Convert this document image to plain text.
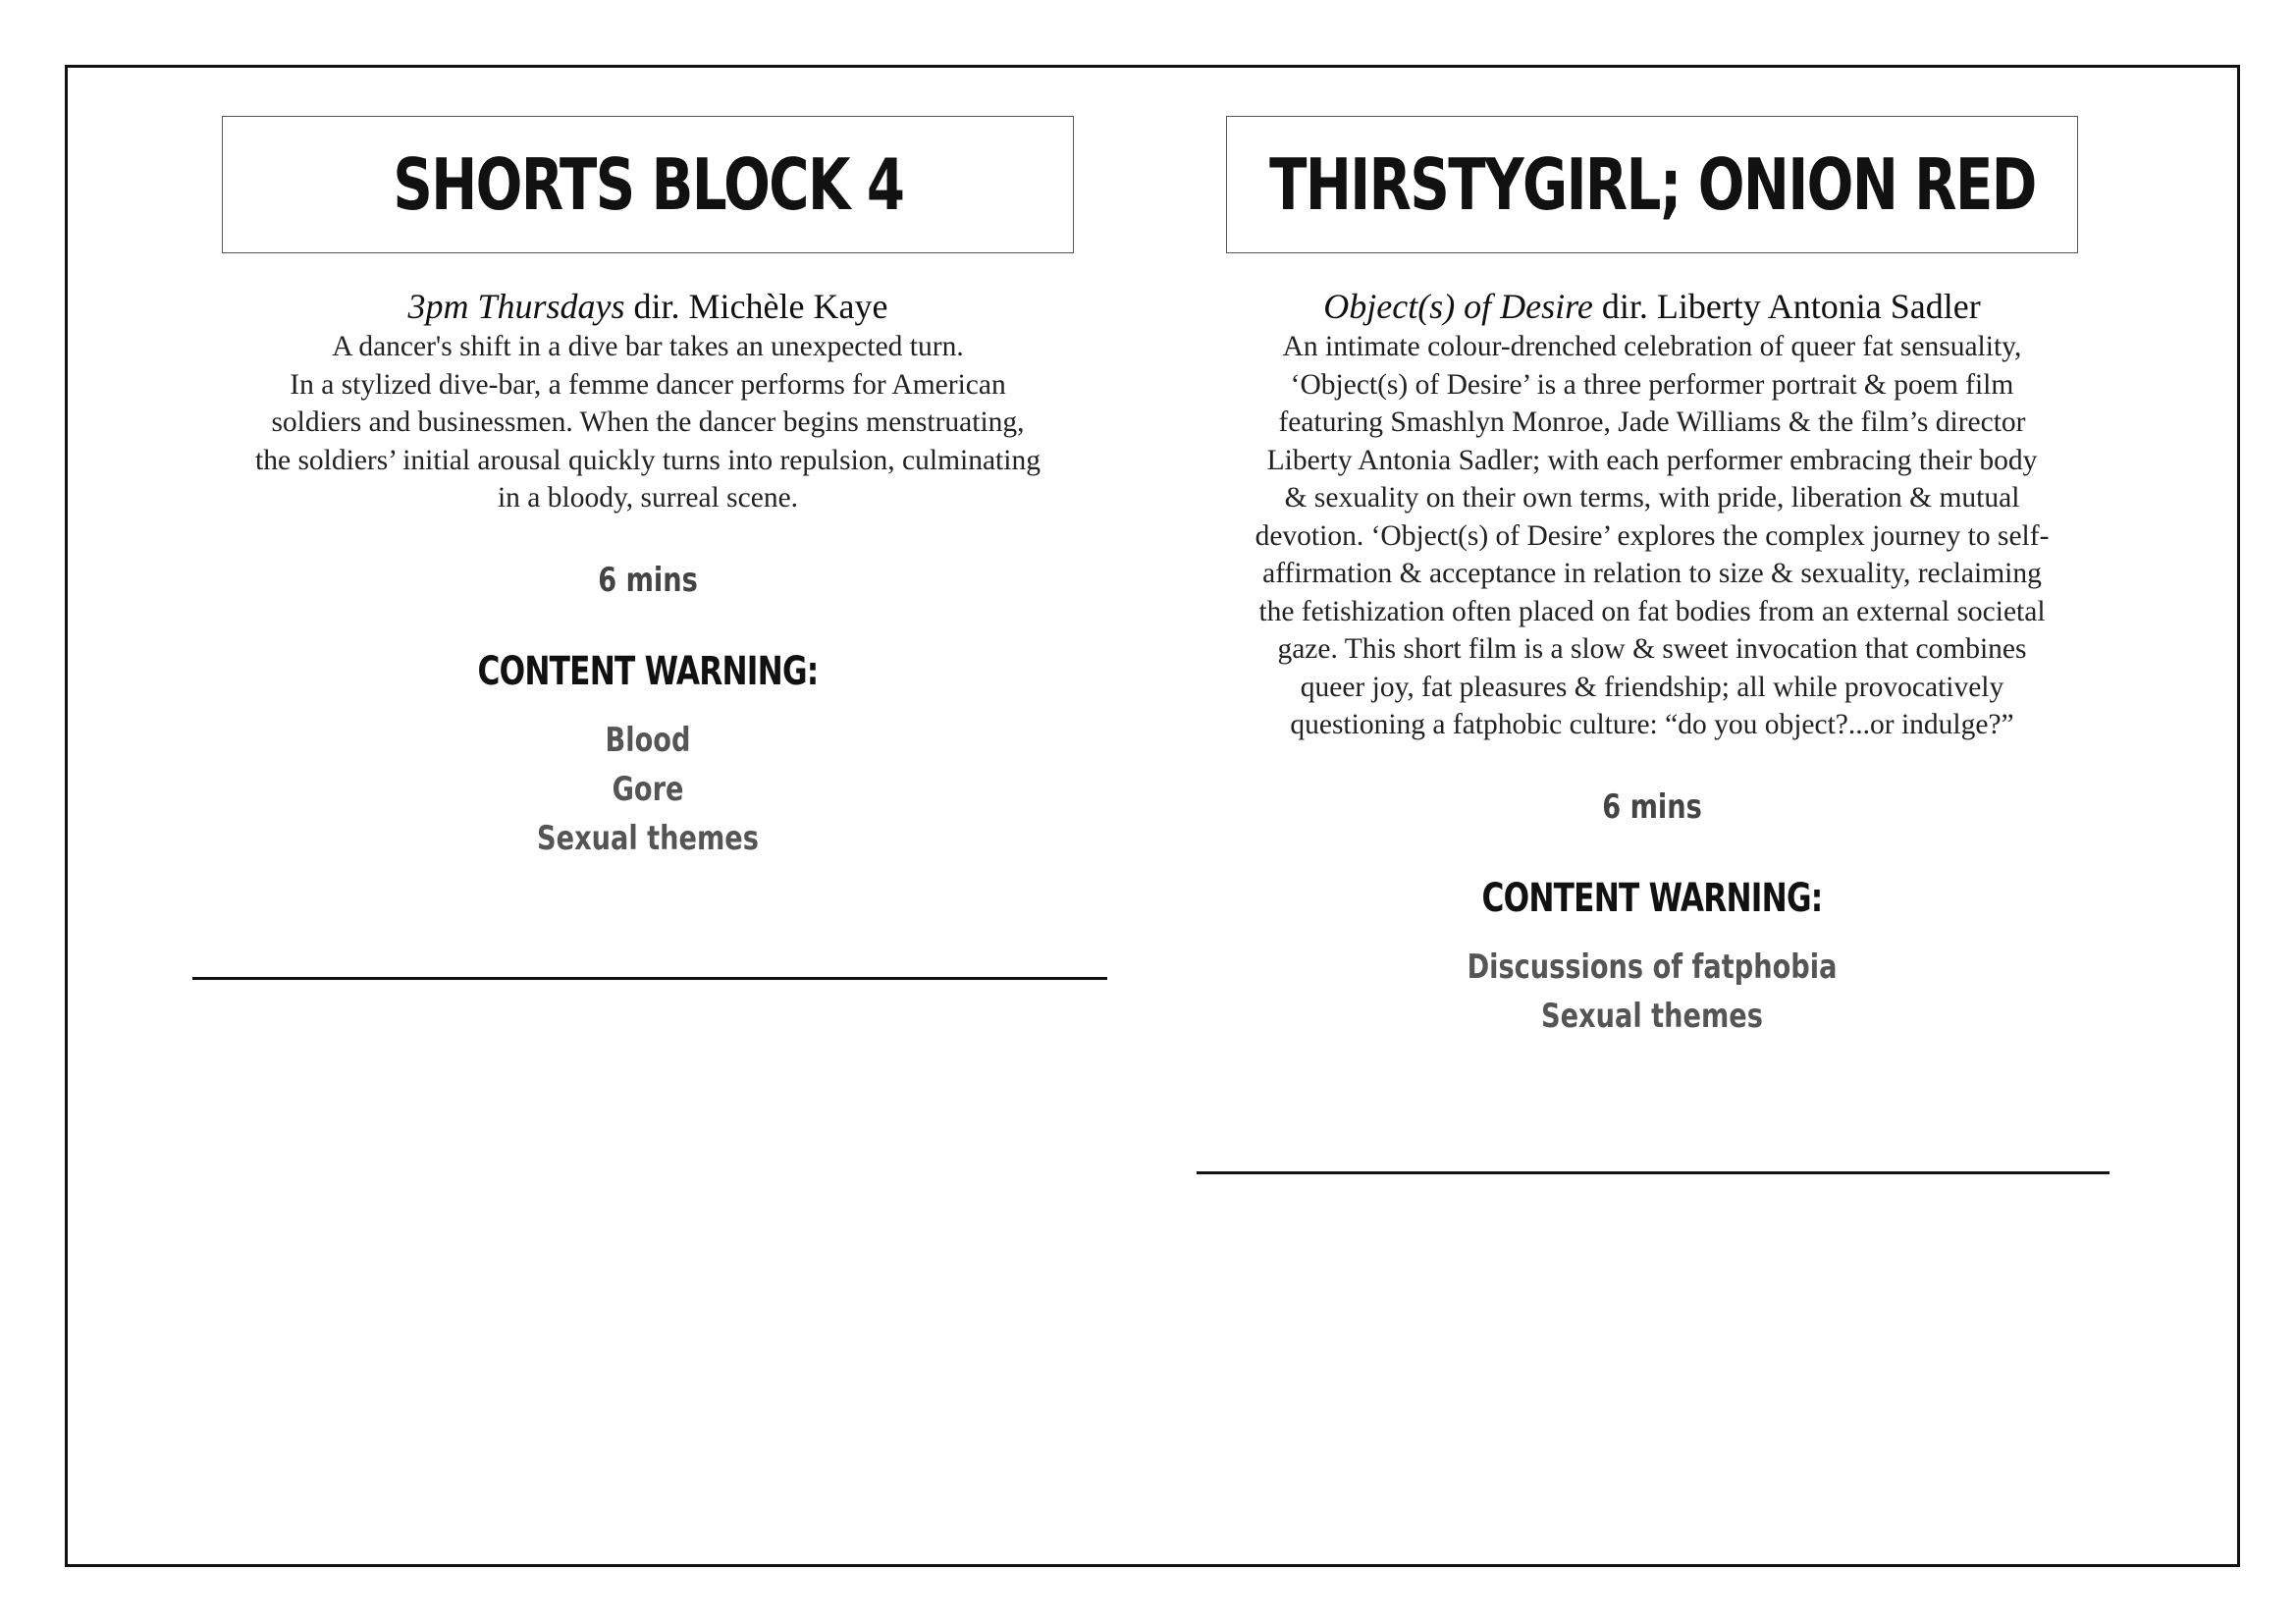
SHORTS BLOCK 4
3pm Thursdays dir. Michèle Kaye
A dancer's shift in a dive bar takes an unexpected turn.
In a stylized dive-bar, a femme dancer performs for American
soldiers and businessmen. When the dancer begins menstruating,
the soldiers’ initial arousal quickly turns into repulsion, culminating
in a bloody, surreal scene.
6 mins
CONTENT WARNING:
Blood
Gore
Sexual themes
THIRSTYGIRL; ONION RED
Object(s) of Desire dir. Liberty Antonia Sadler
An intimate colour-drenched celebration of queer fat sensuality,
‘Object(s) of Desire’ is a three performer portrait & poem film
featuring Smashlyn Monroe, Jade Williams & the film’s director
Liberty Antonia Sadler; with each performer embracing their body
& sexuality on their own terms, with pride, liberation & mutual
devotion. ‘Object(s) of Desire’ explores the complex journey to self-
affirmation & acceptance in relation to size & sexuality, reclaiming
the fetishization often placed on fat bodies from an external societal
gaze. This short film is a slow & sweet invocation that combines
queer joy, fat pleasures & friendship; all while provocatively
questioning a fatphobic culture: “do you object?...or indulge?”
6 mins
CONTENT WARNING:
Discussions of fatphobia
Sexual themes
